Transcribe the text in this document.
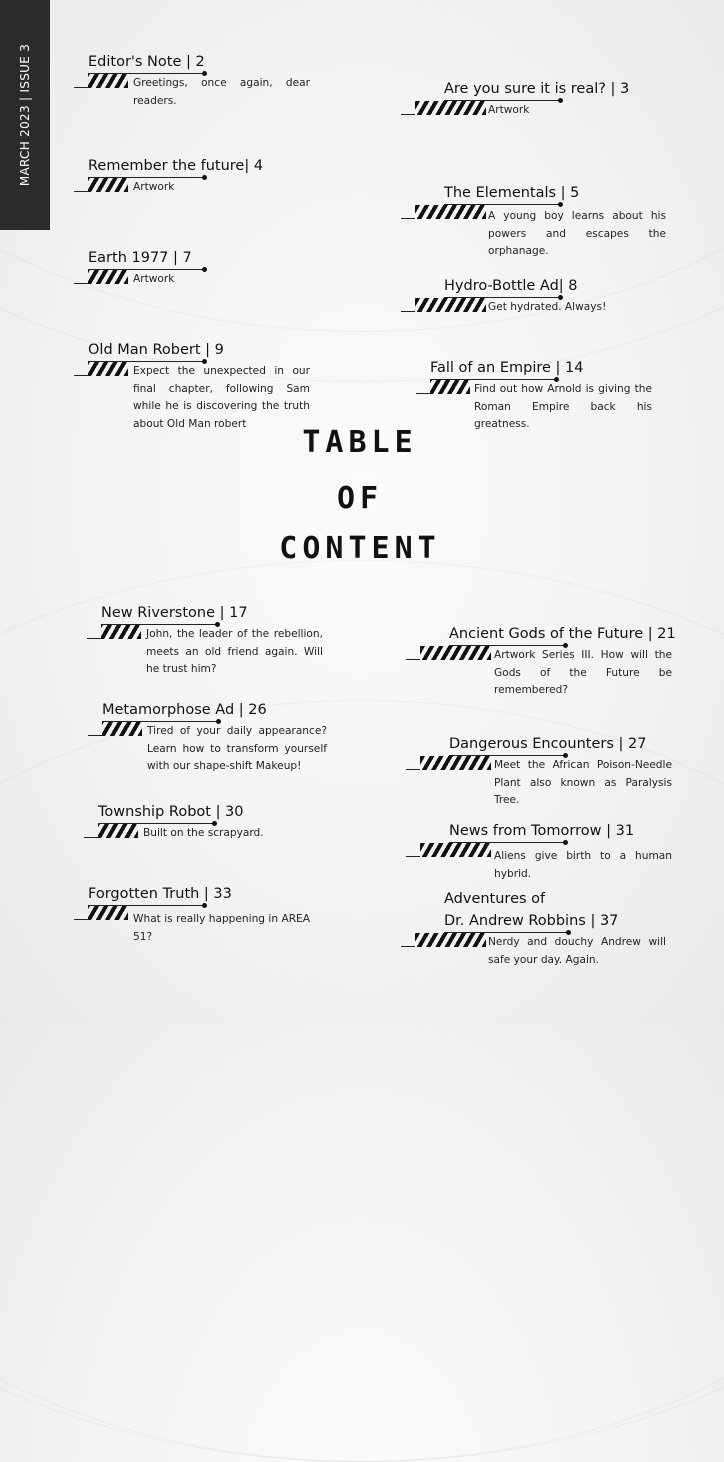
MARCH 2023 | ISSUE 3	Editor's Note | 2
Greetings, once again, dear readers.
Remember the future| 4
Artwork
Earth 1977 | 7
Artwork
Old Man Robert | 9
Expect the unexpected in our final chapter, following Sam while he is discovering the truth about Old Man robert
New Riverstone | 17
John, the leader of the rebellion, meets an old friend again. Will he trust him?
Metamorphose Ad | 26
Tired of your daily appearance? Learn how to transform yourself with our shape-shift Makeup!
Township Robot | 30
Built on the scrapyard.
Forgotten Truth | 33
What is really happening in AREA 51?
Are you sure it is real? | 3
Artwork
The Elementals | 5
A young boy learns about his powers and escapes the orphanage.
Hydro-Bottle Ad| 8
Get hydrated. Always!
Fall of an Empire | 14
Find out how Arnold is giving the Roman Empire back his greatness.
Ancient Gods of the Future | 21
Artwork Series III. How will the Gods of the Future be remembered?
Dangerous Encounters | 27
Meet the African Poison-Needle Plant also known as Paralysis Tree.
News from Tomorrow | 31
Aliens give birth to a human hybrid.
Adventures of
Dr. Andrew Robbins | 37
Nerdy and douchy Andrew will safe your day. Again.
TABLE
OF
CONTENT
